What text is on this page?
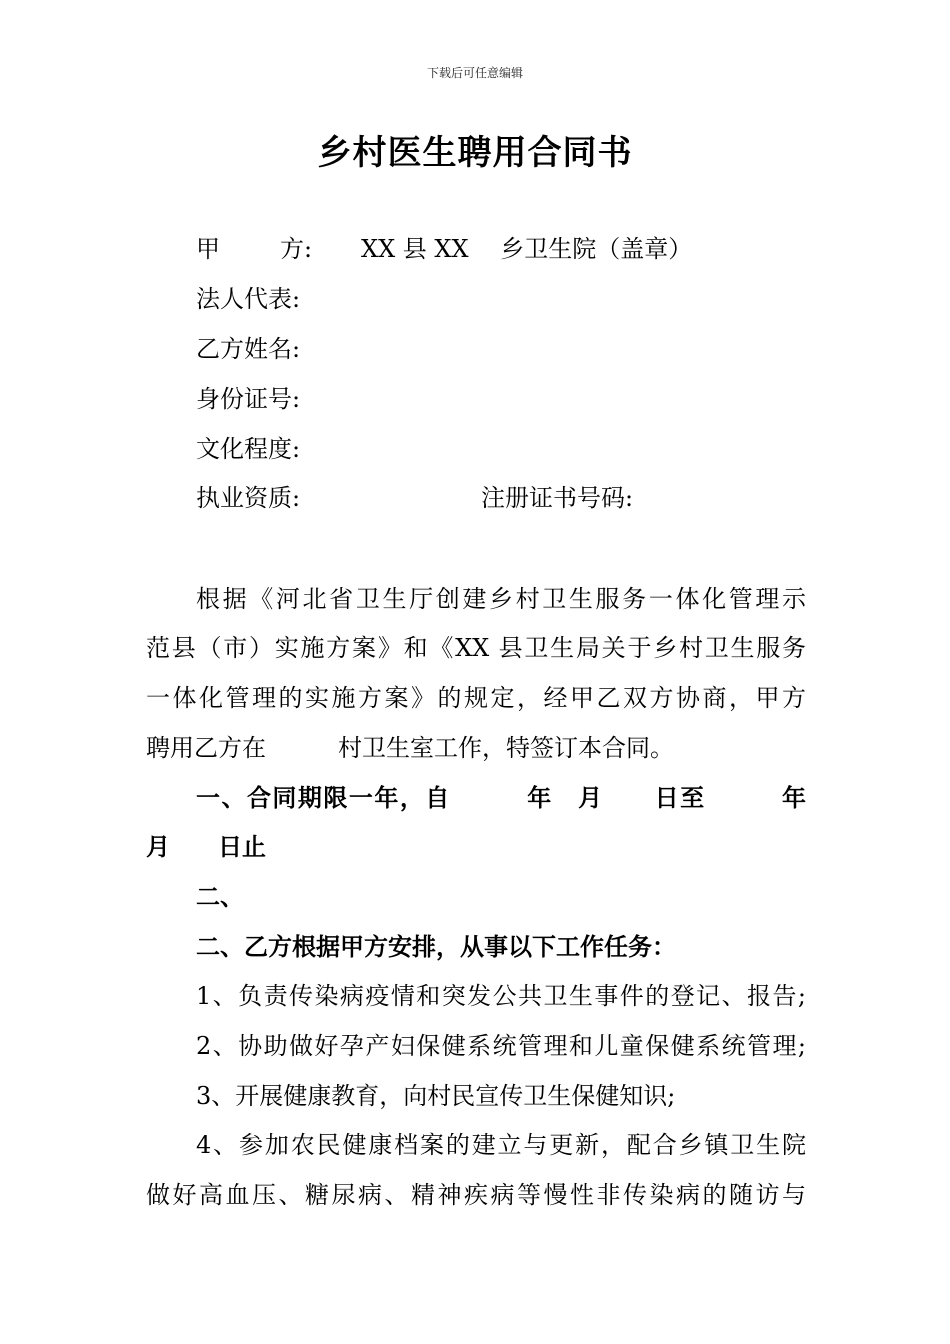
下载后可任意编辑
乡村医生聘用合同书
甲	方: XX 县 XX　 乡卫生院（盖章）
法人代表:
乙方姓名:
身份证号:
文化程度:
执业资质:	注册证书号码:
根据《河北省卫生厅创建乡村卫生服务一体化管理示
范县（市）实施方案》和《XX 县卫生局关于乡村卫生服务
一体化管理的实施方案》的规定，经甲乙双方协商，甲方
聘用乙方在　　　村卫生室工作，特签订本合同。
一、合同期限一年，自　　　年　月　　日至　　　年
月　　日止
二、
二、乙方根据甲方安排，从事以下工作任务：
1、负责传染病疫情和突发公共卫生事件的登记、报告;
2、协助做好孕产妇保健系统管理和儿童保健系统管理;
3、开展健康教育，向村民宣传卫生保健知识;
4、参加农民健康档案的建立与更新，配合乡镇卫生院
做好高血压、糖尿病、精神疾病等慢性非传染病的随访与
